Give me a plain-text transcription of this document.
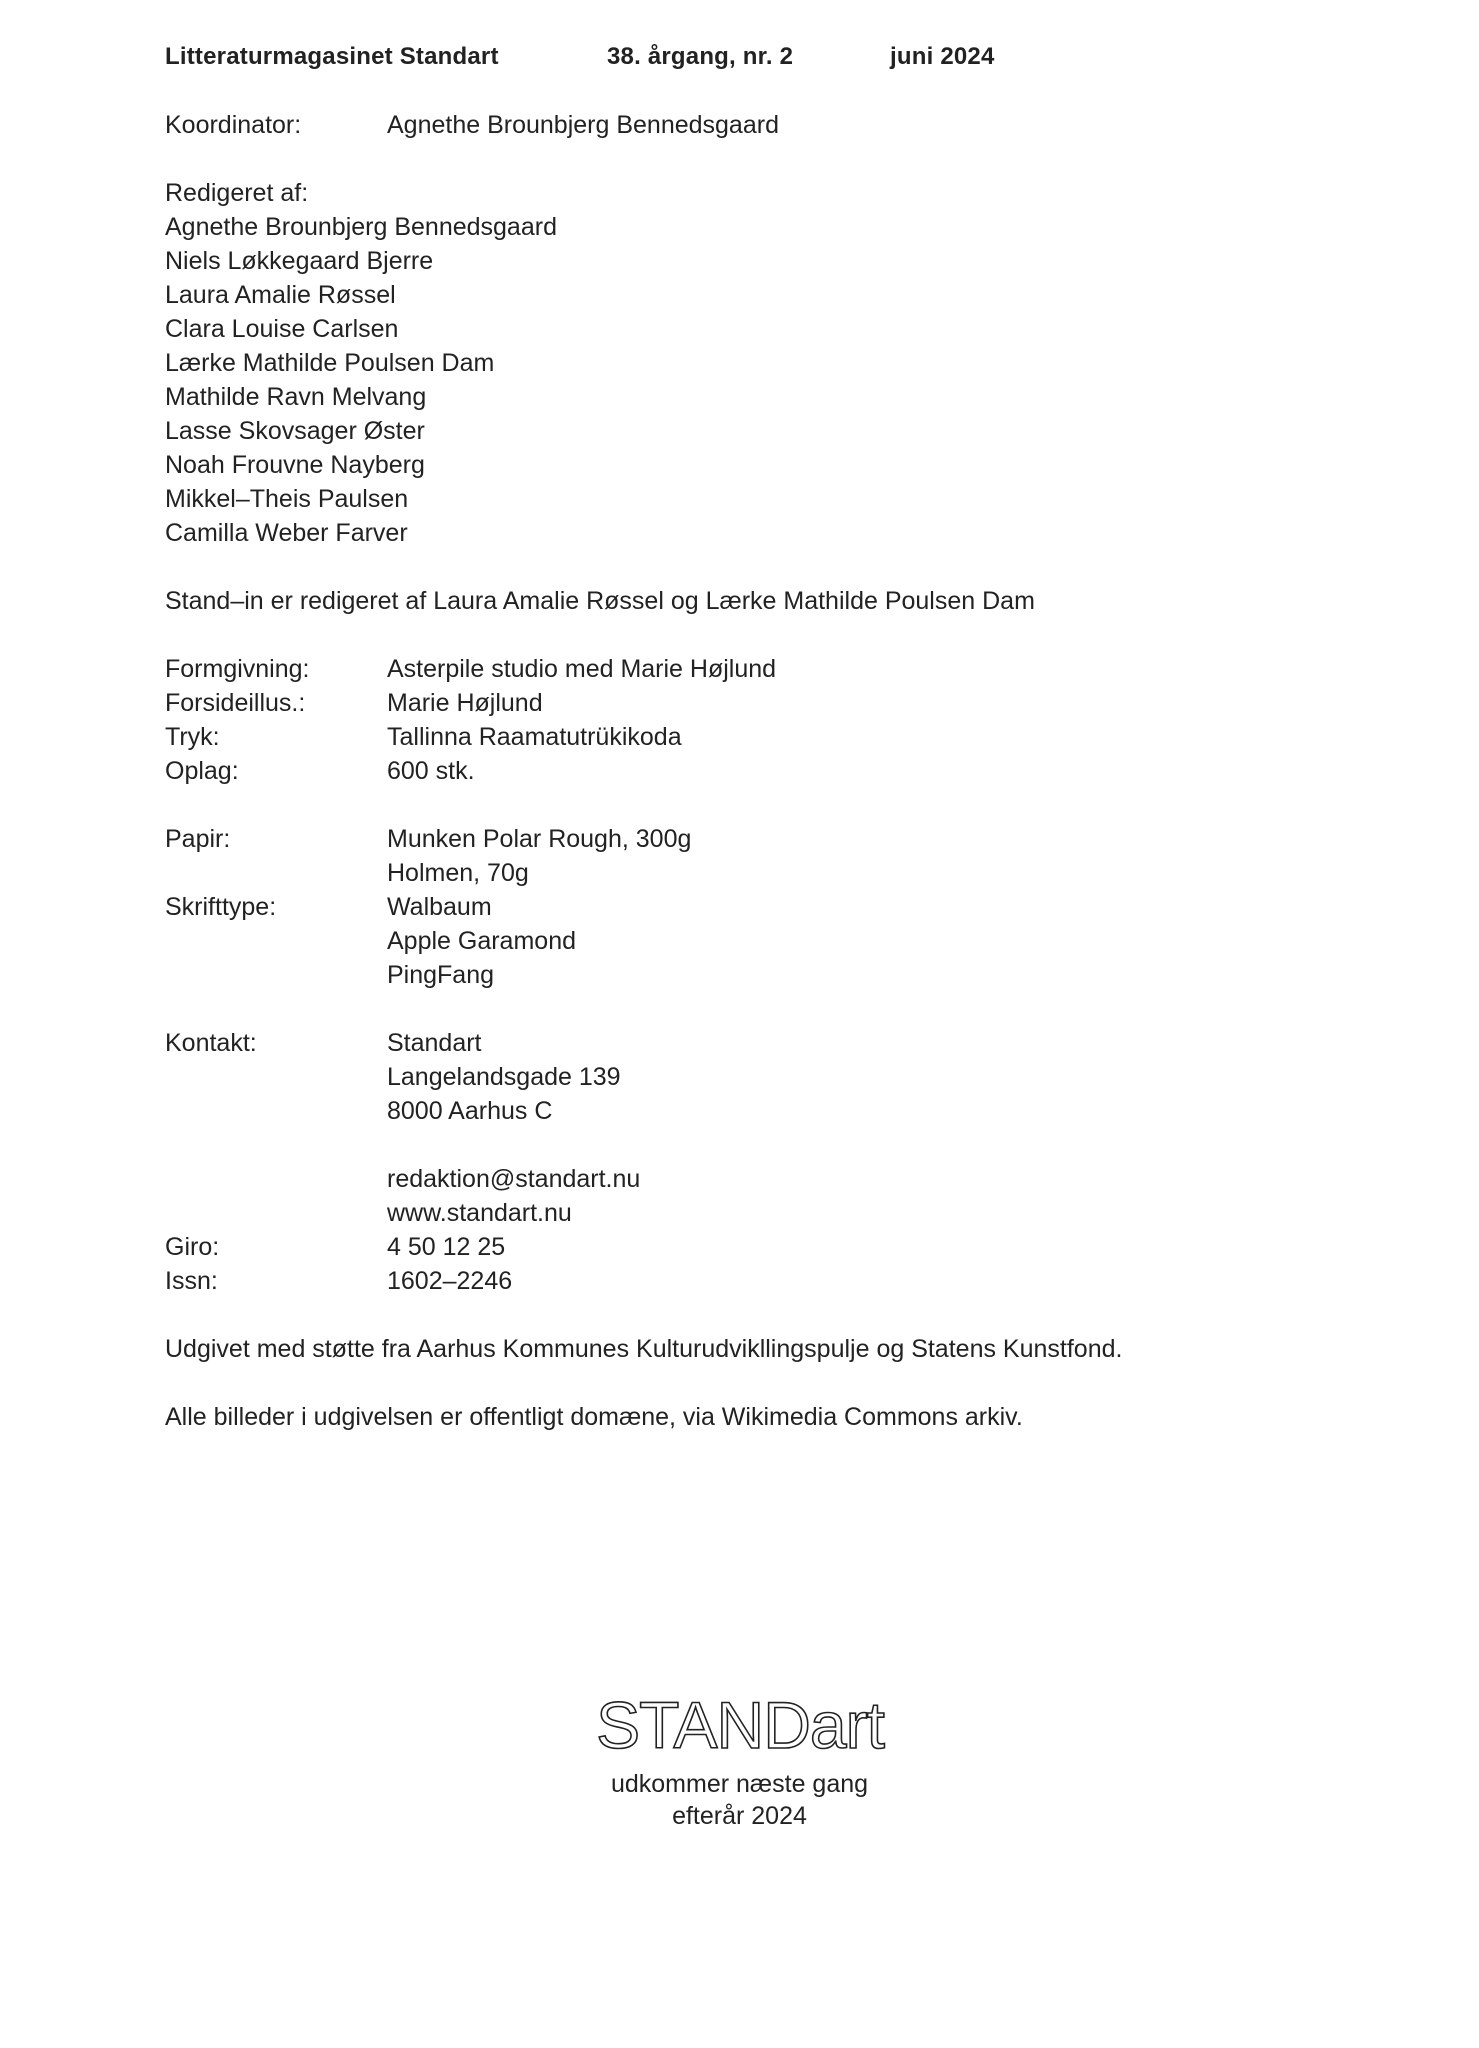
Litteraturmagasinet Standart	38. årgang, nr. 2	juni 2024
Koordinator:	Agnethe Brounbjerg Bennedsgaard
Redigeret af:
Agnethe Brounbjerg Bennedsgaard
Niels Løkkegaard Bjerre
Laura Amalie Røssel
Clara Louise Carlsen
Lærke Mathilde Poulsen Dam
Mathilde Ravn Melvang
Lasse Skovsager Øster
Noah Frouvne Nayberg
Mikkel–Theis Paulsen
Camilla Weber Farver
Stand–in er redigeret af Laura Amalie Røssel og Lærke Mathilde Poulsen Dam
Formgivning:	Asterpile studio med Marie Højlund
Forsideillus.:	Marie Højlund
Tryk:	Tallinna Raamatutrükikoda
Oplag:	600 stk.
Papir:	Munken Polar Rough, 300g
Holmen, 70g
Skrifttype:	Walbaum
Apple Garamond
PingFang
Kontakt:	Standart
Langelandsgade 139
8000 Aarhus C
redaktion@standart.nu
www.standart.nu
Giro:	4 50 12 25
Issn:	1602–2246
Udgivet med støtte fra Aarhus Kommunes Kulturudvikllingspulje og Statens Kunstfond.
Alle billeder i udgivelsen er offentligt domæne, via Wikimedia Commons arkiv.
STANDart
udkommer næste gang
efterår 2024
